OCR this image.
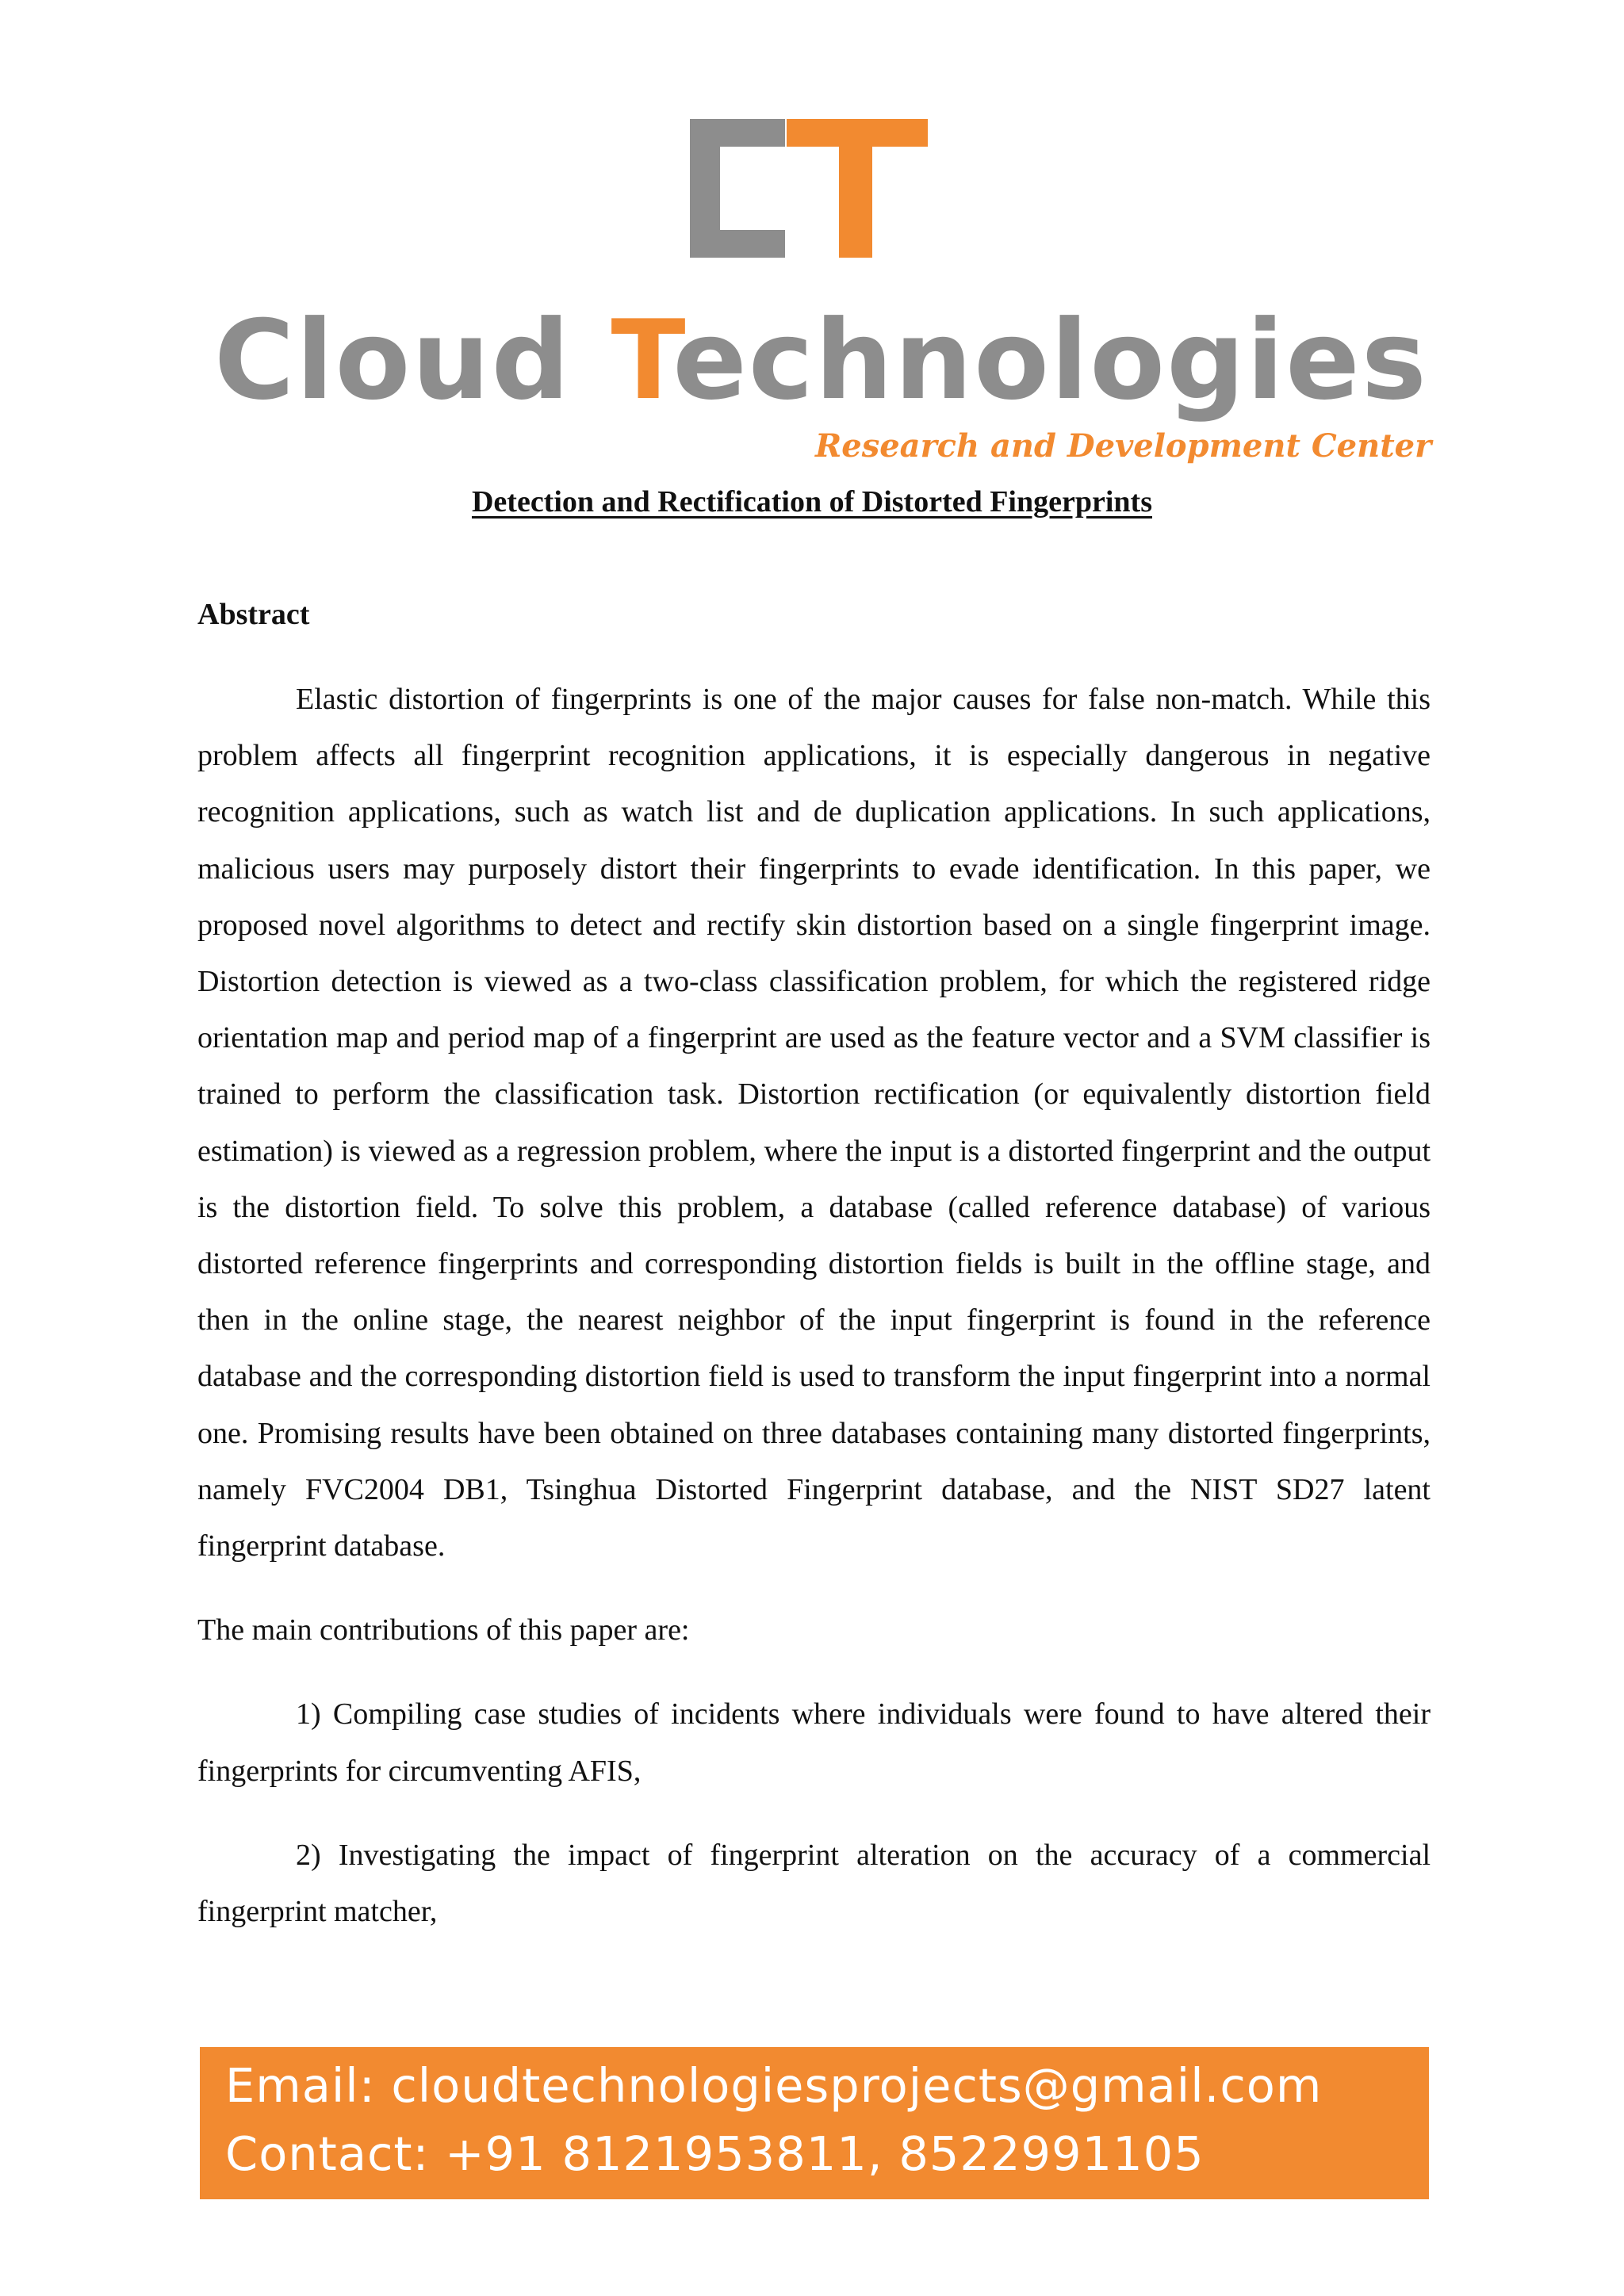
Cloud Technologies
Research and Development Center
Detection and Rectification of Distorted Fingerprints
Abstract

Elastic distortion of fingerprints is one of the major causes for false non-match. While this problem affects all fingerprint recognition applications, it is especially dangerous in negative recognition applications, such as watch list and de duplication applications. In such applications, malicious users may purposely distort their fingerprints to evade identification. In this paper, we proposed novel algorithms to detect and rectify skin distortion based on a single fingerprint image. Distortion detection is viewed as a two-class classification problem, for which the registered ridge orientation map and period map of a fingerprint are used as the feature vector and a SVM classifier is trained to perform the classification task. Distortion rectification (or equivalently distortion field estimation) is viewed as a regression problem, where the input is a distorted fingerprint and the output is the distortion field. To solve this problem, a database (called reference database) of various distorted reference fingerprints and corresponding distortion fields is built in the offline stage, and then in the online stage, the nearest neighbor of the input fingerprint is found in the reference database and the corresponding distortion field is used to transform the input fingerprint into a normal one. Promising results have been obtained on three databases containing many distorted fingerprints, namely FVC2004 DB1, Tsinghua Distorted Fingerprint database, and the NIST SD27 latent fingerprint database.

The main contributions of this paper are:

1) Compiling case studies of incidents where individuals were found to have altered their fingerprints for circumventing AFIS,

2) Investigating the impact of fingerprint alteration on the accuracy of a commercial fingerprint matcher,

Email: cloudtechnologiesprojects@gmail.com
Contact: +91 8121953811, 8522991105
